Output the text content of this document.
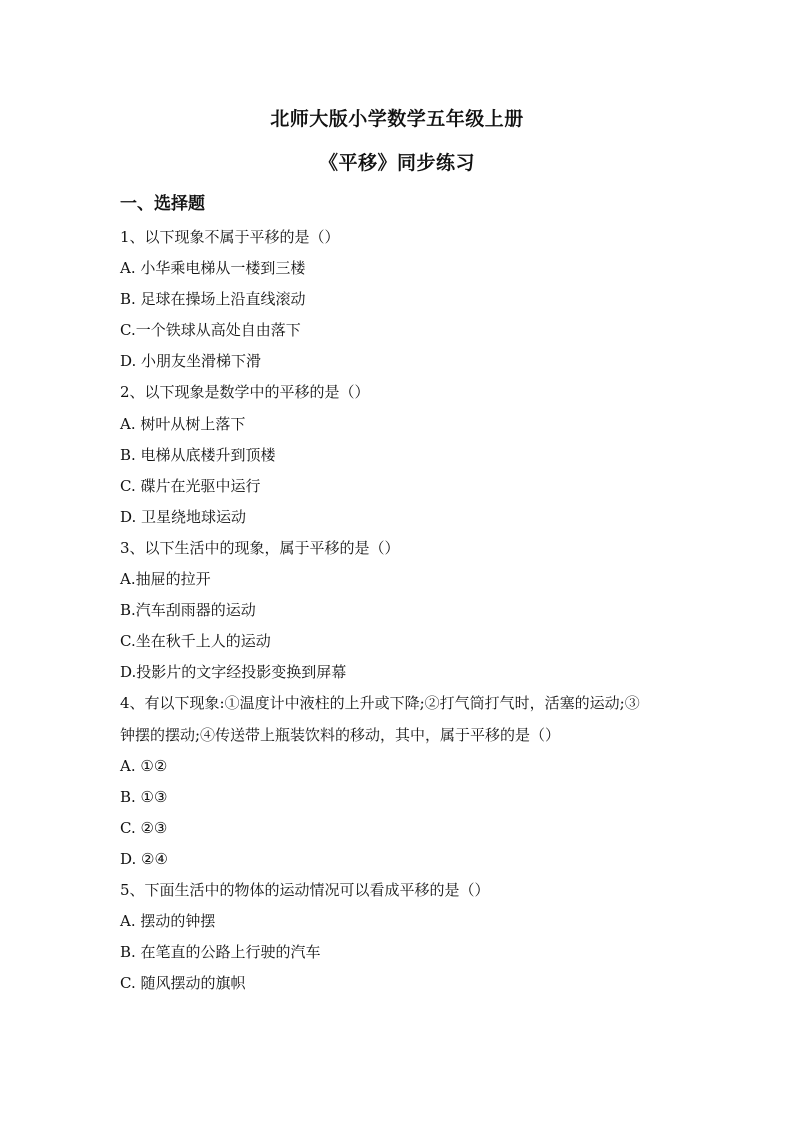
北师大版小学数学五年级上册
《平移》同步练习
一、选择题
1、以下现象不属于平移的是（）
A. 小华乘电梯从一楼到三楼
B. 足球在操场上沿直线滚动
C.一个铁球从高处自由落下
D. 小朋友坐滑梯下滑
2、以下现象是数学中的平移的是（）
A. 树叶从树上落下
B. 电梯从底楼升到顶楼
C. 碟片在光驱中运行
D. 卫星绕地球运动
3、以下生活中的现象，属于平移的是（）
A.抽屉的拉开
B.汽车刮雨器的运动
C.坐在秋千上人的运动
D.投影片的文字经投影变换到屏幕
4、有以下现象:①温度计中液柱的上升或下降;②打气筒打气时，活塞的运动;③
钟摆的摆动;④传送带上瓶装饮料的移动，其中，属于平移的是（）
A. ①②
B. ①③
C. ②③
D. ②④
5、下面生活中的物体的运动情况可以看成平移的是（）
A. 摆动的钟摆
B. 在笔直的公路上行驶的汽车
C. 随风摆动的旗帜
